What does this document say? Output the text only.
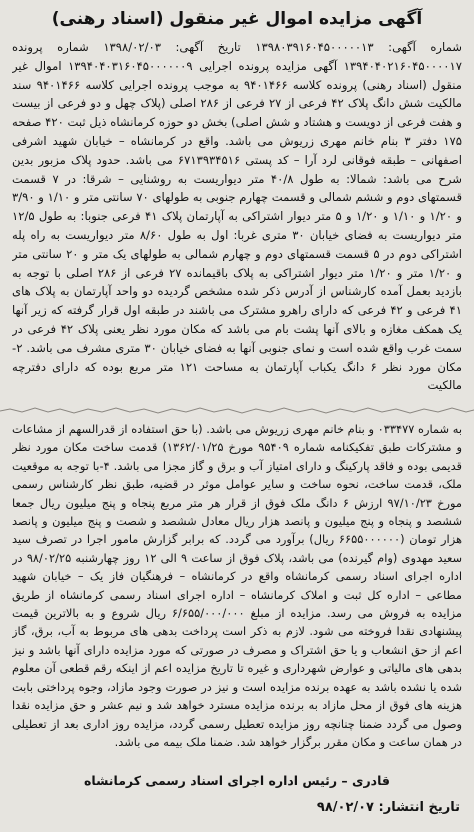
آگهی مزایده اموال غیر منقول (اسناد رهنی)
شماره آگهی: ۱۳۹۸۰۳۹۱۶۰۴۵۰۰۰۰۰۱۳ تاریخ آگهی: ۱۳۹۸/۰۲/۰۳ شماره پرونده ۱۳۹۴۰۴۰۲۱۶۰۴۵۰۰۰۰۱۷ آگهی مزایده پرونده اجرایی ۱۳۹۴۰۴۰۳۱۶۰۴۵۰۰۰۰۰۰۹ اموال غیر منقول (اسناد رهنی) پرونده کلاسه ۹۴۰۱۴۶۶ به موجب پرونده اجرایی کلاسه ۹۴۰۱۴۶۶ سند مالکیت شش دانگ پلاک ۴۲ فرعی از ۲۷ فرعی از ۲۸۶ اصلی (پلاک چهل و دو فرعی از بیست و هفت فرعی از دویست و هشتاد و شش اصلی) بخش دو حوزه کرمانشاه ذیل ثبت ۴۲۰ صفحه ۱۷۵ دفتر ۳ بنام خانم مهری زریوش می باشد. واقع در کرمانشاه – خیابان شهید اشرفی اصفهانی – طبقه فوقانی لرد آرا – کد پستی ۶۷۱۳۹۳۴۵۱۶ می باشد. حدود پلاک مزبور بدین شرح می باشد: شمالا: به طول ۴۰/۸ متر دیواریست به روشنایی – شرقا: در ۷ قسمت قسمتهای دوم و ششم شمالی و قسمت چهارم جنوبی به طولهای ۷۰ سانتی متر و ۱/۱۰ و ۳/۹۰ و ۱/۲۰ و ۱/۱۰ و ۱/۲۰ و ۵ متر دیوار اشتراکی به آپارتمان پلاک ۴۱ فرعی جنوبا: به طول ۱۲/۵ متر دیواریست به فضای خیابان ۳۰ متری غربا: اول به طول ۸/۶۰ متر دیواریست به راه پله اشتراکی دوم در ۵ قسمت قسمتهای دوم و چهارم شمالی به طولهای یک متر و ۲۰ سانتی متر و ۱/۲۰ متر و ۱/۲۰ متر دیوار اشتراکی به پلاک باقیمانده ۲۷ فرعی از ۲۸۶ اصلی با توجه به بازدید بعمل آمده کارشناس از آدرس ذکر شده مشخص گردیده دو واحد آپارتمان به پلاک های ۴۱ فرعی و ۴۲ فرعی که دارای راهرو مشترک می باشند در طبقه اول قرار گرفته که زیر آنها یک همکف مغازه و بالای آنها پشت بام می باشد که مکان مورد نظر یعنی پلاک ۴۲ فرعی در سمت غرب واقع شده است و نمای جنوبی آنها به فضای خیابان ۳۰ متری مشرف می باشد. ۲-مکان مورد نظر ۶ دانگ یکباب آپارتمان به مساحت ۱۲۱ متر مربع بوده که دارای دفترچه مالکیت
به شماره ۰۳۳۴۷۷ و بنام خانم مهری زریوش می باشد. (با حق استفاده از قدرالسهم از مشاعات و مشترکات طبق تفکیکنامه شماره ۹۵۴۰۹ مورخ ۱۳۶۲/۰۱/۲۵) قدمت ساخت مکان مورد نظر قدیمی بوده و فاقد پارکینگ و دارای امتیاز آب و برق و گاز مجزا می باشد. ۴-با توجه به موقعیت ملک، قدمت ساخت، نحوه ساخت و سایر عوامل موثر در قضیه، طبق نظر کارشناس رسمی مورخ ۹۷/۱۰/۲۳ ارزش ۶ دانگ ملک فوق از قرار هر متر مربع پنجاه و پنج میلیون ریال جمعا ششصد و پنجاه و پنج میلیون و پانصد هزار ریال معادل ششصد و شصت و پنج میلیون و پانصد هزار تومان (۶۶۵۵۰۰۰۰۰۰ ریال) برآورد می گردد. که برابر گزارش مامور اجرا در تصرف سید سعید مهدوی (وام گیرنده) می باشد، پلاک فوق از ساعت ۹ الی ۱۲ روز چهارشنبه ۹۸/۰۲/۲۵ در اداره اجرای اسناد رسمی کرمانشاه واقع در کرمانشاه – فرهنگیان فاز یک – خیابان شهید مطاعی – اداره کل ثبت و املاک کرمانشاه – اداره اجرای اسناد رسمی کرمانشاه از طریق مزایده به فروش می رسد. مزایده از مبلغ ۶/۶۵۵/۰۰۰/۰۰۰ ریال شروع و به بالاترین قیمت پیشنهادی نقدا فروخته می شود. لازم به ذکر است پرداخت بدهی های مربوط به آب، برق، گاز اعم از حق انشعاب و یا حق اشتراک و مصرف در صورتی که مورد مزایده دارای آنها باشد و نیز بدهی های مالیاتی و عوارض شهرداری و غیره تا تاریخ مزایده اعم از اینکه رقم قطعی آن معلوم شده یا نشده باشد به عهده برنده مزایده است و نیز در صورت وجود مازاد، وجوه پرداختی بابت هزینه های فوق از محل مازاد به برنده مزایده مسترد خواهد شد و نیم عشر و حق مزایده نقدا وصول می گردد ضمنا چنانچه روز مزایده تعطیل رسمی گردد، مزایده روز اداری بعد از تعطیلی در همان ساعت و مکان مقرر برگزار خواهد شد. ضمنا ملک بیمه می باشد.
قادری – رئیس اداره اجرای اسناد رسمی کرمانشاه
تاریخ انتشار: ۹۸/۰۲/۰۷
